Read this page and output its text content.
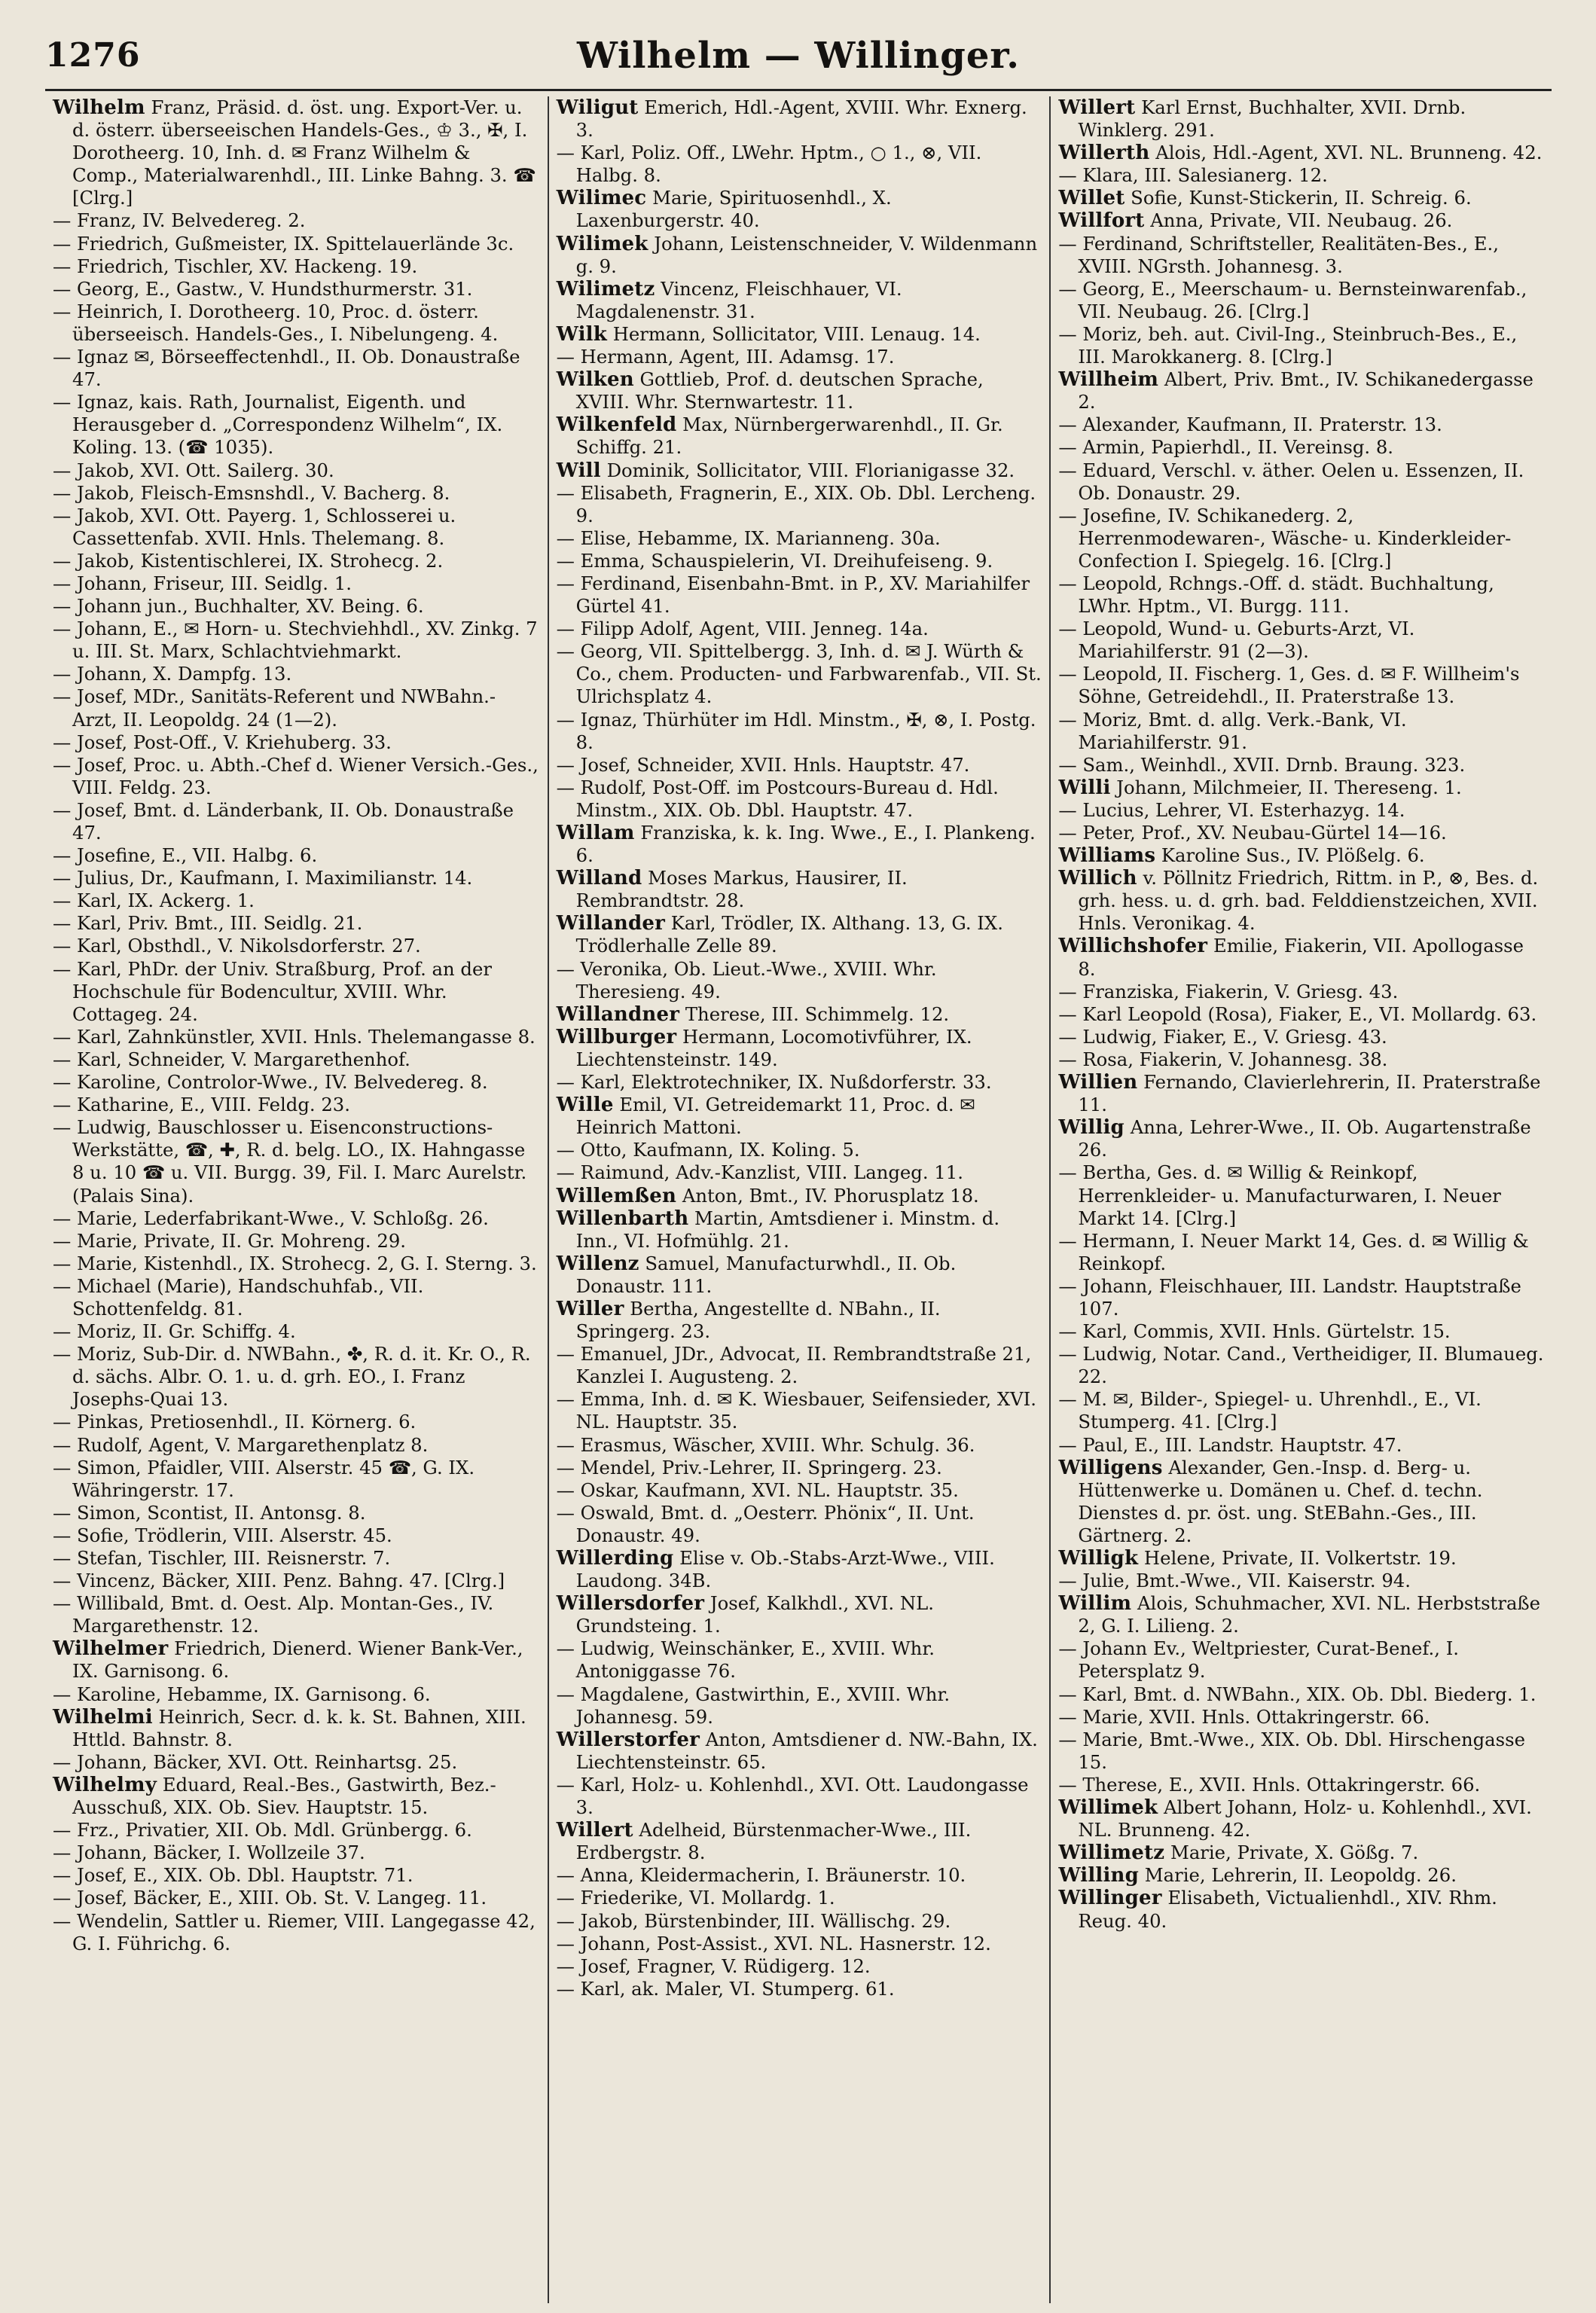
1276	Wilhelm — Willinger.

Wilhelm Franz, Präsid. d. öst. ung. Export-Ver. u. d. österr. überseeischen Handels-Ges., ♔ 3., ✠, I. Dorotheerg. 10, Inh. d. ✉ Franz Wilhelm & Comp., Materialwarenhdl., III. Linke Bahng. 3. ☎ [Clrg.]

— Franz, IV. Belvedereg. 2.

— Friedrich, Gußmeister, IX. Spittelauerlände 3c.

— Friedrich, Tischler, XV. Hackeng. 19.

— Georg, E., Gastw., V. Hundsthurmerstr. 31.

— Heinrich, I. Dorotheerg. 10, Proc. d. österr. überseeisch. Handels-Ges., I. Nibelungeng. 4.

— Ignaz ✉, Börseeffectenhdl., II. Ob. Donaustraße 47.

— Ignaz, kais. Rath, Journalist, Eigenth. und Herausgeber d. „Correspondenz Wilhelm“, IX. Koling. 13. (☎ 1035).

— Jakob, XVI. Ott. Sailerg. 30.

— Jakob, Fleisch-Emsnshdl., V. Bacherg. 8.

— Jakob, XVI. Ott. Payerg. 1, Schlosserei u. Cassettenfab. XVII. Hnls. Thelemang. 8.

— Jakob, Kistentischlerei, IX. Strohecg. 2.

— Johann, Friseur, III. Seidlg. 1.

— Johann jun., Buchhalter, XV. Being. 6.

— Johann, E., ✉ Horn- u. Stechviehhdl., XV. Zinkg. 7 u. III. St. Marx, Schlachtviehmarkt.

— Johann, X. Dampfg. 13.

— Josef, MDr., Sanitäts-Referent und NWBahn.-Arzt, II. Leopoldg. 24 (1—2).

— Josef, Post-Off., V. Kriehuberg. 33.

— Josef, Proc. u. Abth.-Chef d. Wiener Versich.-Ges., VIII. Feldg. 23.

— Josef, Bmt. d. Länderbank, II. Ob. Donaustraße 47.

— Josefine, E., VII. Halbg. 6.

— Julius, Dr., Kaufmann, I. Maximilianstr. 14.

— Karl, IX. Ackerg. 1.

— Karl, Priv. Bmt., III. Seidlg. 21.

— Karl, Obsthdl., V. Nikolsdorferstr. 27.

— Karl, PhDr. der Univ. Straßburg, Prof. an der Hochschule für Bodencultur, XVIII. Whr. Cottageg. 24.

— Karl, Zahnkünstler, XVII. Hnls. Thelemangasse 8.

— Karl, Schneider, V. Margarethenhof.

— Karoline, Controlor-Wwe., IV. Belvedereg. 8.

— Katharine, E., VIII. Feldg. 23.

— Ludwig, Bauschlosser u. Eisenconstructions-Werkstätte, ☎, ✚, R. d. belg. LO., IX. Hahngasse 8 u. 10 ☎ u. VII. Burgg. 39, Fil. I. Marc Aurelstr. (Palais Sina).

— Marie, Lederfabrikant-Wwe., V. Schloßg. 26.

— Marie, Private, II. Gr. Mohreng. 29.

— Marie, Kistenhdl., IX. Strohecg. 2, G. I. Sterng. 3.

— Michael (Marie), Handschuhfab., VII. Schottenfeldg. 81.

— Moriz, II. Gr. Schiffg. 4.

— Moriz, Sub-Dir. d. NWBahn., ✤, R. d. it. Kr. O., R. d. sächs. Albr. O. 1. u. d. grh. EO., I. Franz Josephs-Quai 13.

— Pinkas, Pretiosenhdl., II. Körnerg. 6.

— Rudolf, Agent, V. Margarethenplatz 8.

— Simon, Pfaidler, VIII. Alserstr. 45 ☎, G. IX. Währingerstr. 17.

— Simon, Scontist, II. Antonsg. 8.

— Sofie, Trödlerin, VIII. Alserstr. 45.

— Stefan, Tischler, III. Reisnerstr. 7.

— Vincenz, Bäcker, XIII. Penz. Bahng. 47. [Clrg.]

— Willibald, Bmt. d. Oest. Alp. Montan-Ges., IV. Margarethenstr. 12.

Wilhelmer Friedrich, Dienerd. Wiener Bank-Ver., IX. Garnisong. 6.

— Karoline, Hebamme, IX. Garnisong. 6.

Wilhelmi Heinrich, Secr. d. k. k. St. Bahnen, XIII. Httld. Bahnstr. 8.

— Johann, Bäcker, XVI. Ott. Reinhartsg. 25.

Wilhelmy Eduard, Real.-Bes., Gastwirth, Bez.-Ausschuß, XIX. Ob. Siev. Hauptstr. 15.

— Frz., Privatier, XII. Ob. Mdl. Grünbergg. 6.

— Johann, Bäcker, I. Wollzeile 37.

— Josef, E., XIX. Ob. Dbl. Hauptstr. 71.

— Josef, Bäcker, E., XIII. Ob. St. V. Langeg. 11.

— Wendelin, Sattler u. Riemer, VIII. Langegasse 42, G. I. Führichg. 6.

Wiligut Emerich, Hdl.-Agent, XVIII. Whr. Exnerg. 3.

— Karl, Poliz. Off., LWehr. Hptm., ○ 1., ⊗, VII. Halbg. 8.

Wilimec Marie, Spirituosenhdl., X. Laxenburgerstr. 40.

Wilimek Johann, Leistenschneider, V. Wildenmann g. 9.

Wilimetz Vincenz, Fleischhauer, VI. Magdalenenstr. 31.

Wilk Hermann, Sollicitator, VIII. Lenaug. 14.

— Hermann, Agent, III. Adamsg. 17.

Wilken Gottlieb, Prof. d. deutschen Sprache, XVIII. Whr. Sternwartestr. 11.

Wilkenfeld Max, Nürnbergerwarenhdl., II. Gr. Schiffg. 21.

Will Dominik, Sollicitator, VIII. Florianigasse 32.

— Elisabeth, Fragnerin, E., XIX. Ob. Dbl. Lercheng. 9.

— Elise, Hebamme, IX. Marianneng. 30a.

— Emma, Schauspielerin, VI. Dreihufeiseng. 9.

— Ferdinand, Eisenbahn-Bmt. in P., XV. Mariahilfer Gürtel 41.

— Filipp Adolf, Agent, VIII. Jenneg. 14a.

— Georg, VII. Spittelbergg. 3, Inh. d. ✉ J. Würth & Co., chem. Producten- und Farbwarenfab., VII. St. Ulrichsplatz 4.

— Ignaz, Thürhüter im Hdl. Minstm., ✠, ⊗, I. Postg. 8.

— Josef, Schneider, XVII. Hnls. Hauptstr. 47.

— Rudolf, Post-Off. im Postcours-Bureau d. Hdl. Minstm., XIX. Ob. Dbl. Hauptstr. 47.

Willam Franziska, k. k. Ing. Wwe., E., I. Plankeng. 6.

Willand Moses Markus, Hausirer, II. Rembrandtstr. 28.

Willander Karl, Trödler, IX. Althang. 13, G. IX. Trödlerhalle Zelle 89.

— Veronika, Ob. Lieut.-Wwe., XVIII. Whr. Theresieng. 49.

Willandner Therese, III. Schimmelg. 12.

Willburger Hermann, Locomotivführer, IX. Liechtensteinstr. 149.

— Karl, Elektrotechniker, IX. Nußdorferstr. 33.

Wille Emil, VI. Getreidemarkt 11, Proc. d. ✉ Heinrich Mattoni.

— Otto, Kaufmann, IX. Koling. 5.

— Raimund, Adv.-Kanzlist, VIII. Langeg. 11.

Willemßen Anton, Bmt., IV. Phorusplatz 18.

Willenbarth Martin, Amtsdiener i. Minstm. d. Inn., VI. Hofmühlg. 21.

Willenz Samuel, Manufacturwhdl., II. Ob. Donaustr. 111.

Willer Bertha, Angestellte d. NBahn., II. Springerg. 23.

— Emanuel, JDr., Advocat, II. Rembrandtstraße 21, Kanzlei I. Augusteng. 2.

— Emma, Inh. d. ✉ K. Wiesbauer, Seifensieder, XVI. NL. Hauptstr. 35.

— Erasmus, Wäscher, XVIII. Whr. Schulg. 36.

— Mendel, Priv.-Lehrer, II. Springerg. 23.

— Oskar, Kaufmann, XVI. NL. Hauptstr. 35.

— Oswald, Bmt. d. „Oesterr. Phönix“, II. Unt. Donaustr. 49.

Willerding Elise v. Ob.-Stabs-Arzt-Wwe., VIII. Laudong. 34B.

Willersdorfer Josef, Kalkhdl., XVI. NL. Grundsteing. 1.

— Ludwig, Weinschänker, E., XVIII. Whr. Antoniggasse 76.

— Magdalene, Gastwirthin, E., XVIII. Whr. Johannesg. 59.

Willerstorfer Anton, Amtsdiener d. NW.-Bahn, IX. Liechtensteinstr. 65.

— Karl, Holz- u. Kohlenhdl., XVI. Ott. Laudongasse 3.

Willert Adelheid, Bürstenmacher-Wwe., III. Erdbergstr. 8.

— Anna, Kleidermacherin, I. Bräunerstr. 10.

— Friederike, VI. Mollardg. 1.

— Jakob, Bürstenbinder, III. Wällischg. 29.

— Johann, Post-Assist., XVI. NL. Hasnerstr. 12.

— Josef, Fragner, V. Rüdigerg. 12.

— Karl, ak. Maler, VI. Stumperg. 61.

Willert Karl Ernst, Buchhalter, XVII. Drnb. Winklerg. 291.

Willerth Alois, Hdl.-Agent, XVI. NL. Brunneng. 42.

— Klara, III. Salesianerg. 12.

Willet Sofie, Kunst-Stickerin, II. Schreig. 6.

Willfort Anna, Private, VII. Neubaug. 26.

— Ferdinand, Schriftsteller, Realitäten-Bes., E., XVIII. NGrsth. Johannesg. 3.

— Georg, E., Meerschaum- u. Bernsteinwarenfab., VII. Neubaug. 26. [Clrg.]

— Moriz, beh. aut. Civil-Ing., Steinbruch-Bes., E., III. Marokkanerg. 8. [Clrg.]

Willheim Albert, Priv. Bmt., IV. Schikanedergasse 2.

— Alexander, Kaufmann, II. Praterstr. 13.

— Armin, Papierhdl., II. Vereinsg. 8.

— Eduard, Verschl. v. äther. Oelen u. Essenzen, II. Ob. Donaustr. 29.

— Josefine, IV. Schikanederg. 2, Herrenmodewaren-, Wäsche- u. Kinderkleider-Confection I. Spiegelg. 16. [Clrg.]

— Leopold, Rchngs.-Off. d. städt. Buchhaltung, LWhr. Hptm., VI. Burgg. 111.

— Leopold, Wund- u. Geburts-Arzt, VI. Mariahilferstr. 91 (2—3).

— Leopold, II. Fischerg. 1, Ges. d. ✉ F. Willheim's Söhne, Getreidehdl., II. Praterstraße 13.

— Moriz, Bmt. d. allg. Verk.-Bank, VI. Mariahilferstr. 91.

— Sam., Weinhdl., XVII. Drnb. Braung. 323.

Willi Johann, Milchmeier, II. Thereseng. 1.

— Lucius, Lehrer, VI. Esterhazyg. 14.

— Peter, Prof., XV. Neubau-Gürtel 14—16.

Williams Karoline Sus., IV. Plößelg. 6.

Willich v. Pöllnitz Friedrich, Rittm. in P., ⊗, Bes. d. grh. hess. u. d. grh. bad. Felddienstzeichen, XVII. Hnls. Veronikag. 4.

Willichshofer Emilie, Fiakerin, VII. Apollogasse 8.

— Franziska, Fiakerin, V. Griesg. 43.

— Karl Leopold (Rosa), Fiaker, E., VI. Mollardg. 63.

— Ludwig, Fiaker, E., V. Griesg. 43.

— Rosa, Fiakerin, V. Johannesg. 38.

Willien Fernando, Clavierlehrerin, II. Praterstraße 11.

Willig Anna, Lehrer-Wwe., II. Ob. Augartenstraße 26.

— Bertha, Ges. d. ✉ Willig & Reinkopf, Herrenkleider- u. Manufacturwaren, I. Neuer Markt 14. [Clrg.]

— Hermann, I. Neuer Markt 14, Ges. d. ✉ Willig & Reinkopf.

— Johann, Fleischhauer, III. Landstr. Hauptstraße 107.

— Karl, Commis, XVII. Hnls. Gürtelstr. 15.

— Ludwig, Notar. Cand., Vertheidiger, II. Blumaueg. 22.

— M. ✉, Bilder-, Spiegel- u. Uhrenhdl., E., VI. Stumperg. 41. [Clrg.]

— Paul, E., III. Landstr. Hauptstr. 47.

Willigens Alexander, Gen.-Insp. d. Berg- u. Hüttenwerke u. Domänen u. Chef. d. techn. Dienstes d. pr. öst. ung. StEBahn.-Ges., III. Gärtnerg. 2.

Willigk Helene, Private, II. Volkertstr. 19.

— Julie, Bmt.-Wwe., VII. Kaiserstr. 94.

Willim Alois, Schuhmacher, XVI. NL. Herbststraße 2, G. I. Lilieng. 2.

— Johann Ev., Weltpriester, Curat-Benef., I. Petersplatz 9.

— Karl, Bmt. d. NWBahn., XIX. Ob. Dbl. Biederg. 1.

— Marie, XVII. Hnls. Ottakringerstr. 66.

— Marie, Bmt.-Wwe., XIX. Ob. Dbl. Hirschengasse 15.

— Therese, E., XVII. Hnls. Ottakringerstr. 66.

Willimek Albert Johann, Holz- u. Kohlenhdl., XVI. NL. Brunneng. 42.

Willimetz Marie, Private, X. Gößg. 7.

Willing Marie, Lehrerin, II. Leopoldg. 26.

Willinger Elisabeth, Victualienhdl., XIV. Rhm. Reug. 40.
